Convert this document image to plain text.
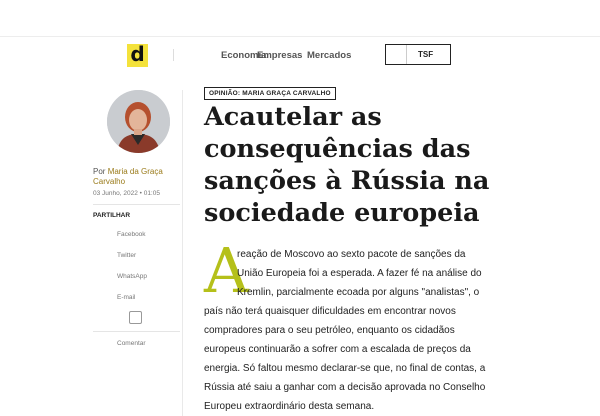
d	Economia
Empresas Mercados	TSF
Por Maria da Graça
Carvalho
03 Junho, 2022 • 01:05
PARTILHAR
Facebook
Twitter
WhatsApp
E-mail
Comentar
OPINIÃO: MARIA GRAÇA CARVALHO
Acautelar as
consequências das
sanções à Rússia na
sociedade europeia
A
reação de Moscovo ao sexto pacote de sanções da
União Europeia foi a esperada. A fazer fé na análise do
Kremlin, parcialmente ecoada por alguns "analistas", o
país não terá quaisquer dificuldades em encontrar novos
compradores para o seu petróleo, enquanto os cidadãos
europeus continuarão a sofrer com a escalada de preços da
energia. Só faltou mesmo declarar-se que, no final de contas, a
Rússia até saiu a ganhar com a decisão aprovada no Conselho
Europeu extraordinário desta semana.
